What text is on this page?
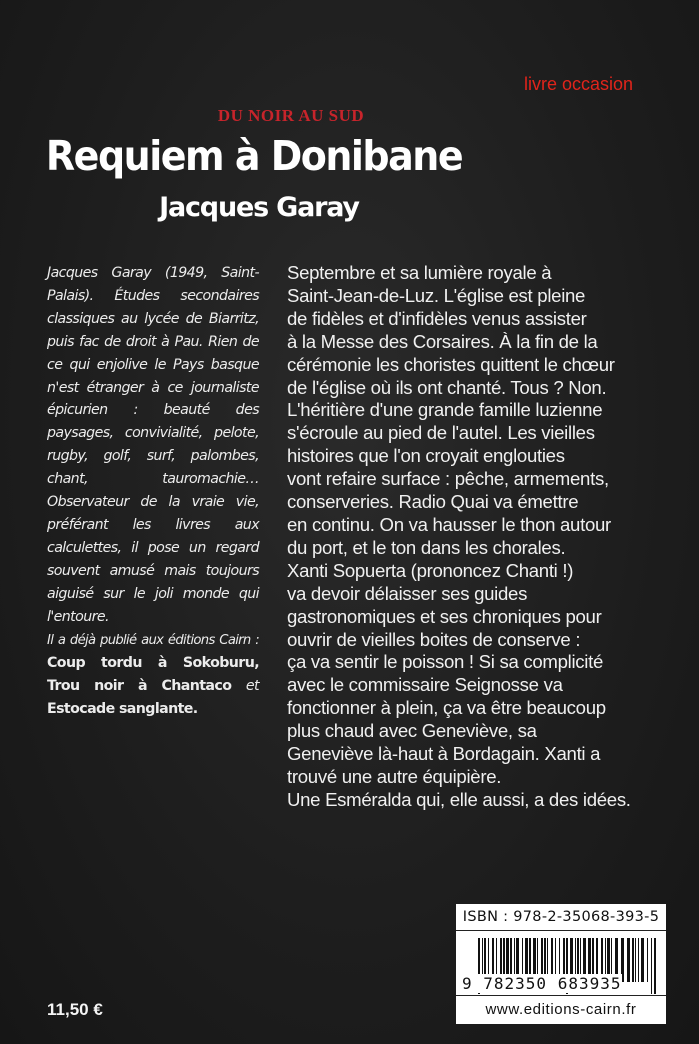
livre occasion
DU NOIR AU SUD
Requiem à Donibane
Jacques Garay

Jacques Garay (1949, Saint-Palais). Études secondaires classiques au lycée de Biarritz, puis fac de droit à Pau. Rien de ce qui enjolive le Pays basque n'est étranger à ce journaliste épicurien : beauté des paysages, convivialité, pelote, rugby, golf, surf, palombes, chant, tauromachie… Observateur de la vraie vie, préférant les livres aux calculettes, il pose un regard souvent amusé mais toujours aiguisé sur le joli monde qui l'entoure.

Il a déjà publié aux éditions Cairn : Coup tordu à Sokoburu, Trou noir à Chantaco et Estocade sanglante.

Septembre et sa lumière royale à
Saint-Jean-de-Luz. L'église est pleine
de fidèles et d'infidèles venus assister
à la Messe des Corsaires. À la fin de la
cérémonie les choristes quittent le chœur
de l'église où ils ont chanté. Tous ? Non.
L'héritière d'une grande famille luzienne
s'écroule au pied de l'autel. Les vieilles
histoires que l'on croyait englouties
vont refaire surface : pêche, armements,
conserveries. Radio Quai va émettre
en continu. On va hausser le thon autour
du port, et le ton dans les chorales.
Xanti Sopuerta (prononcez Chanti !)
va devoir délaisser ses guides
gastronomiques et ses chroniques pour
ouvrir de vieilles boites de conserve :
ça va sentir le poisson ! Si sa complicité
avec le commissaire Seignosse va
fonctionner à plein, ça va être beaucoup
plus chaud avec Geneviève, sa
Geneviève là-haut à Bordagain. Xanti a
trouvé une autre équipière.
Une Esméralda qui, elle aussi, a des idées.
11,50 €
ISBN : 978-2-35068-393-5
9 782350 683935
www.editions-cairn.fr
